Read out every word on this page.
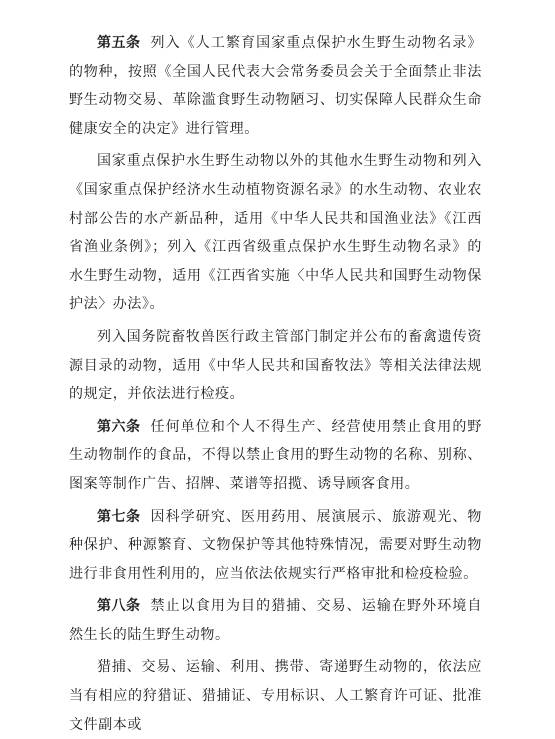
第五条 列入《人工繁育国家重点保护水生野生动物名录》的物种，按照《全国人民代表大会常务委员会关于全面禁止非法野生动物交易、革除滥食野生动物陋习、切实保障人民群众生命健康安全的决定》进行管理。

国家重点保护水生野生动物以外的其他水生野生动物和列入《国家重点保护经济水生动植物资源名录》的水生动物、农业农村部公告的水产新品种，适用《中华人民共和国渔业法》《江西省渔业条例》；列入《江西省级重点保护水生野生动物名录》的水生野生动物，适用《江西省实施〈中华人民共和国野生动物保护法〉办法》。

列入国务院畜牧兽医行政主管部门制定并公布的畜禽遗传资源目录的动物，适用《中华人民共和国畜牧法》等相关法律法规的规定，并依法进行检疫。

第六条 任何单位和个人不得生产、经营使用禁止食用的野生动物制作的食品，不得以禁止食用的野生动物的名称、别称、图案等制作广告、招牌、菜谱等招揽、诱导顾客食用。

第七条 因科学研究、医用药用、展演展示、旅游观光、物种保护、种源繁育、文物保护等其他特殊情况，需要对野生动物进行非食用性利用的，应当依法依规实行严格审批和检疫检验。

第八条 禁止以食用为目的猎捕、交易、运输在野外环境自然生长的陆生野生动物。

猎捕、交易、运输、利用、携带、寄递野生动物的，依法应当有相应的狩猎证、猎捕证、专用标识、人工繁育许可证、批准文件副本或
